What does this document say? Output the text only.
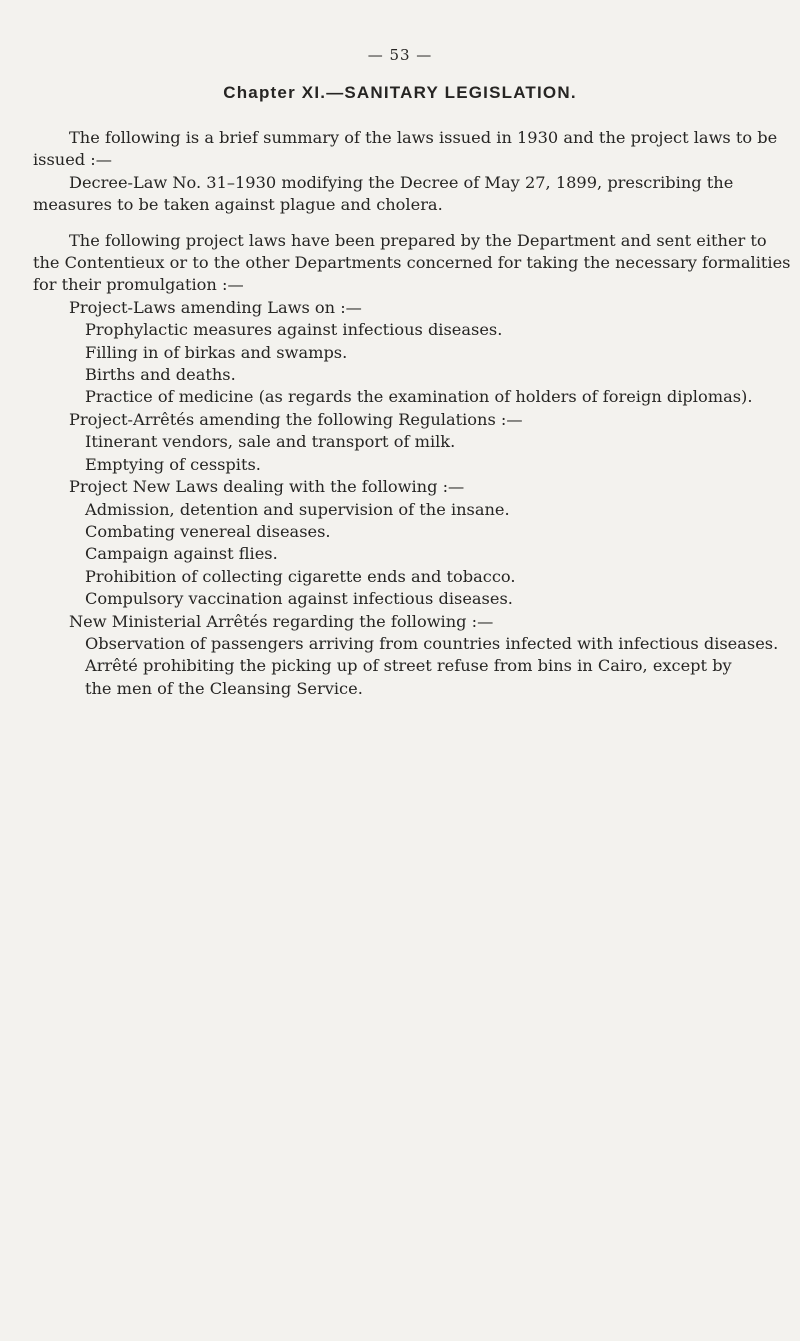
— 53 —
Chapter XI.—SANITARY LEGISLATION.
The following is a brief summary of the laws issued in 1930 and the project laws to be
issued :—
Decree-Law No. 31–1930 modifying the Decree of May 27, 1899, prescribing the
measures to be taken against plague and cholera.
The following project laws have been prepared by the Department and sent either to
the Contentieux or to the other Departments concerned for taking the necessary formalities
for their promulgation :—
Project-Laws amending Laws on :—
Prophylactic measures against infectious diseases.
Filling in of birkas and swamps.
Births and deaths.
Practice of medicine (as regards the examination of holders of foreign diplomas).
Project-Arrêtés amending the following Regulations :—
Itinerant vendors, sale and transport of milk.
Emptying of cesspits.
Project New Laws dealing with the following :—
Admission, detention and supervision of the insane.
Combating venereal diseases.
Campaign against flies.
Prohibition of collecting cigarette ends and tobacco.
Compulsory vaccination against infectious diseases.
New Ministerial Arrêtés regarding the following :—
Observation of passengers arriving from countries infected with infectious diseases.
Arrêté prohibiting the picking up of street refuse from bins in Cairo, except by
the men of the Cleansing Service.
